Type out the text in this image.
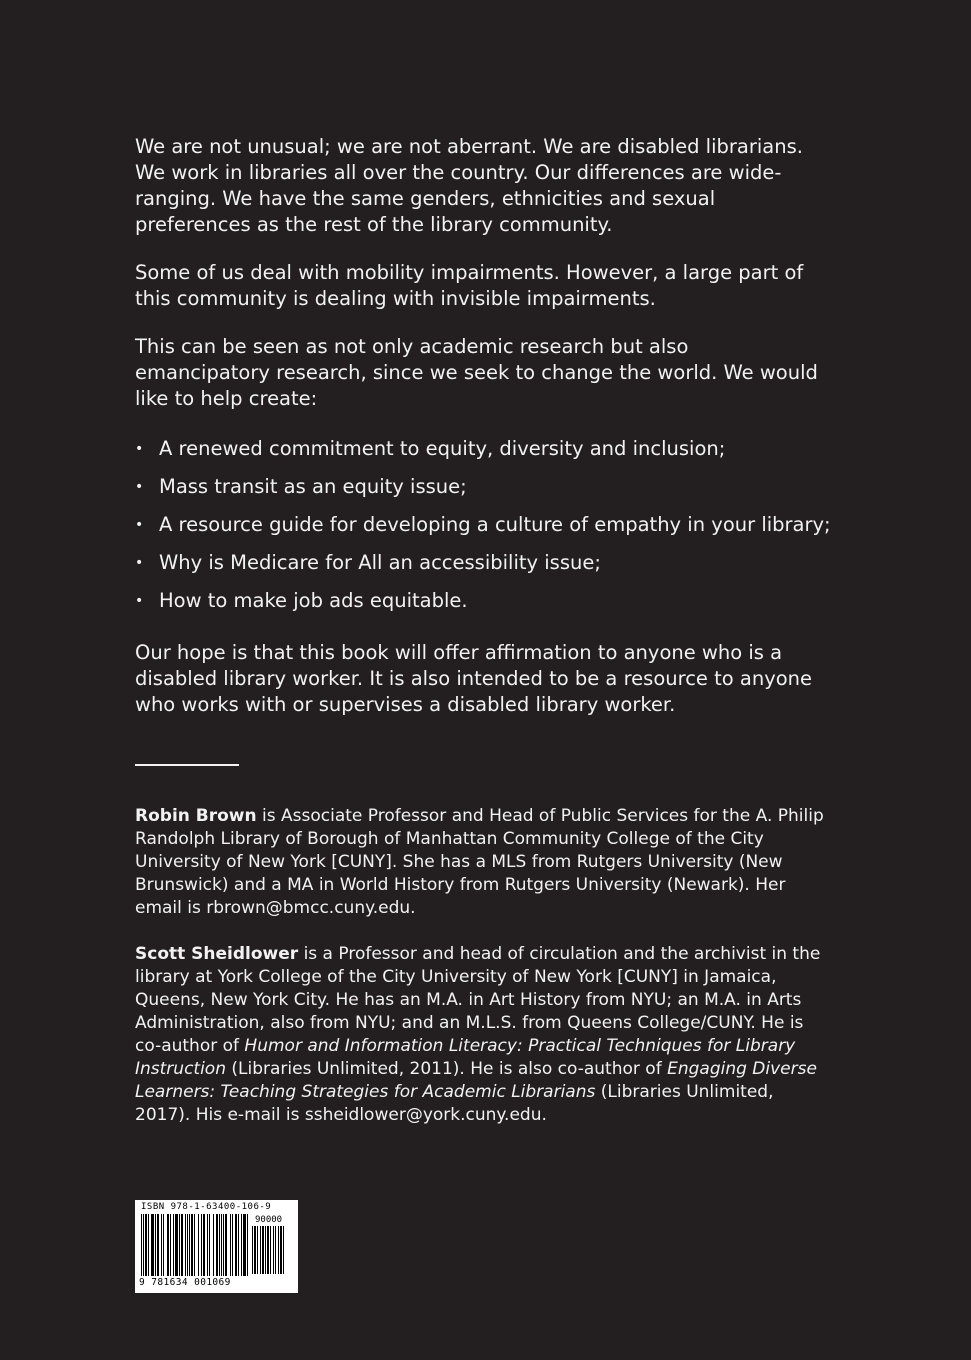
We are not unusual; we are not aberrant. We are disabled librarians. We work in libraries all over the country. Our differences are wide-ranging. We have the same genders, ethnicities and sexual preferences as the rest of the library community.

Some of us deal with mobility impairments. However, a large part of this community is dealing with invisible impairments.

This can be seen as not only academic research but also emancipatory research, since we seek to change the world. We would like to help create:

• A renewed commitment to equity, diversity and inclusion;
• Mass transit as an equity issue;
• A resource guide for developing a culture of empathy in your library;
• Why is Medicare for All an accessibility issue;
• How to make job ads equitable.

Our hope is that this book will offer affirmation to anyone who is a disabled library worker. It is also intended to be a resource to anyone who works with or supervises a disabled library worker.

Robin Brown is Associate Professor and Head of Public Services for the A. Philip Randolph Library of Borough of Manhattan Community College of the City University of New York [CUNY]. She has a MLS from Rutgers University (New Brunswick) and a MA in World History from Rutgers University (Newark). Her email is rbrown@bmcc.cuny.edu.

Scott Sheidlower is a Professor and head of circulation and the archivist in the library at York College of the City University of New York [CUNY] in Jamaica, Queens, New York City. He has an M.A. in Art History from NYU; an M.A. in Arts Administration, also from NYU; and an M.L.S. from Queens College/CUNY. He is co-author of Humor and Information Literacy: Practical Techniques for Library Instruction (Libraries Unlimited, 2011). He is also co-author of Engaging Diverse Learners: Teaching Strategies for Academic Librarians (Libraries Unlimited, 2017). His e-mail is ssheidlower@york.cuny.edu.

ISBN 978-1-63400-106-9
90000
9 781634 001069
